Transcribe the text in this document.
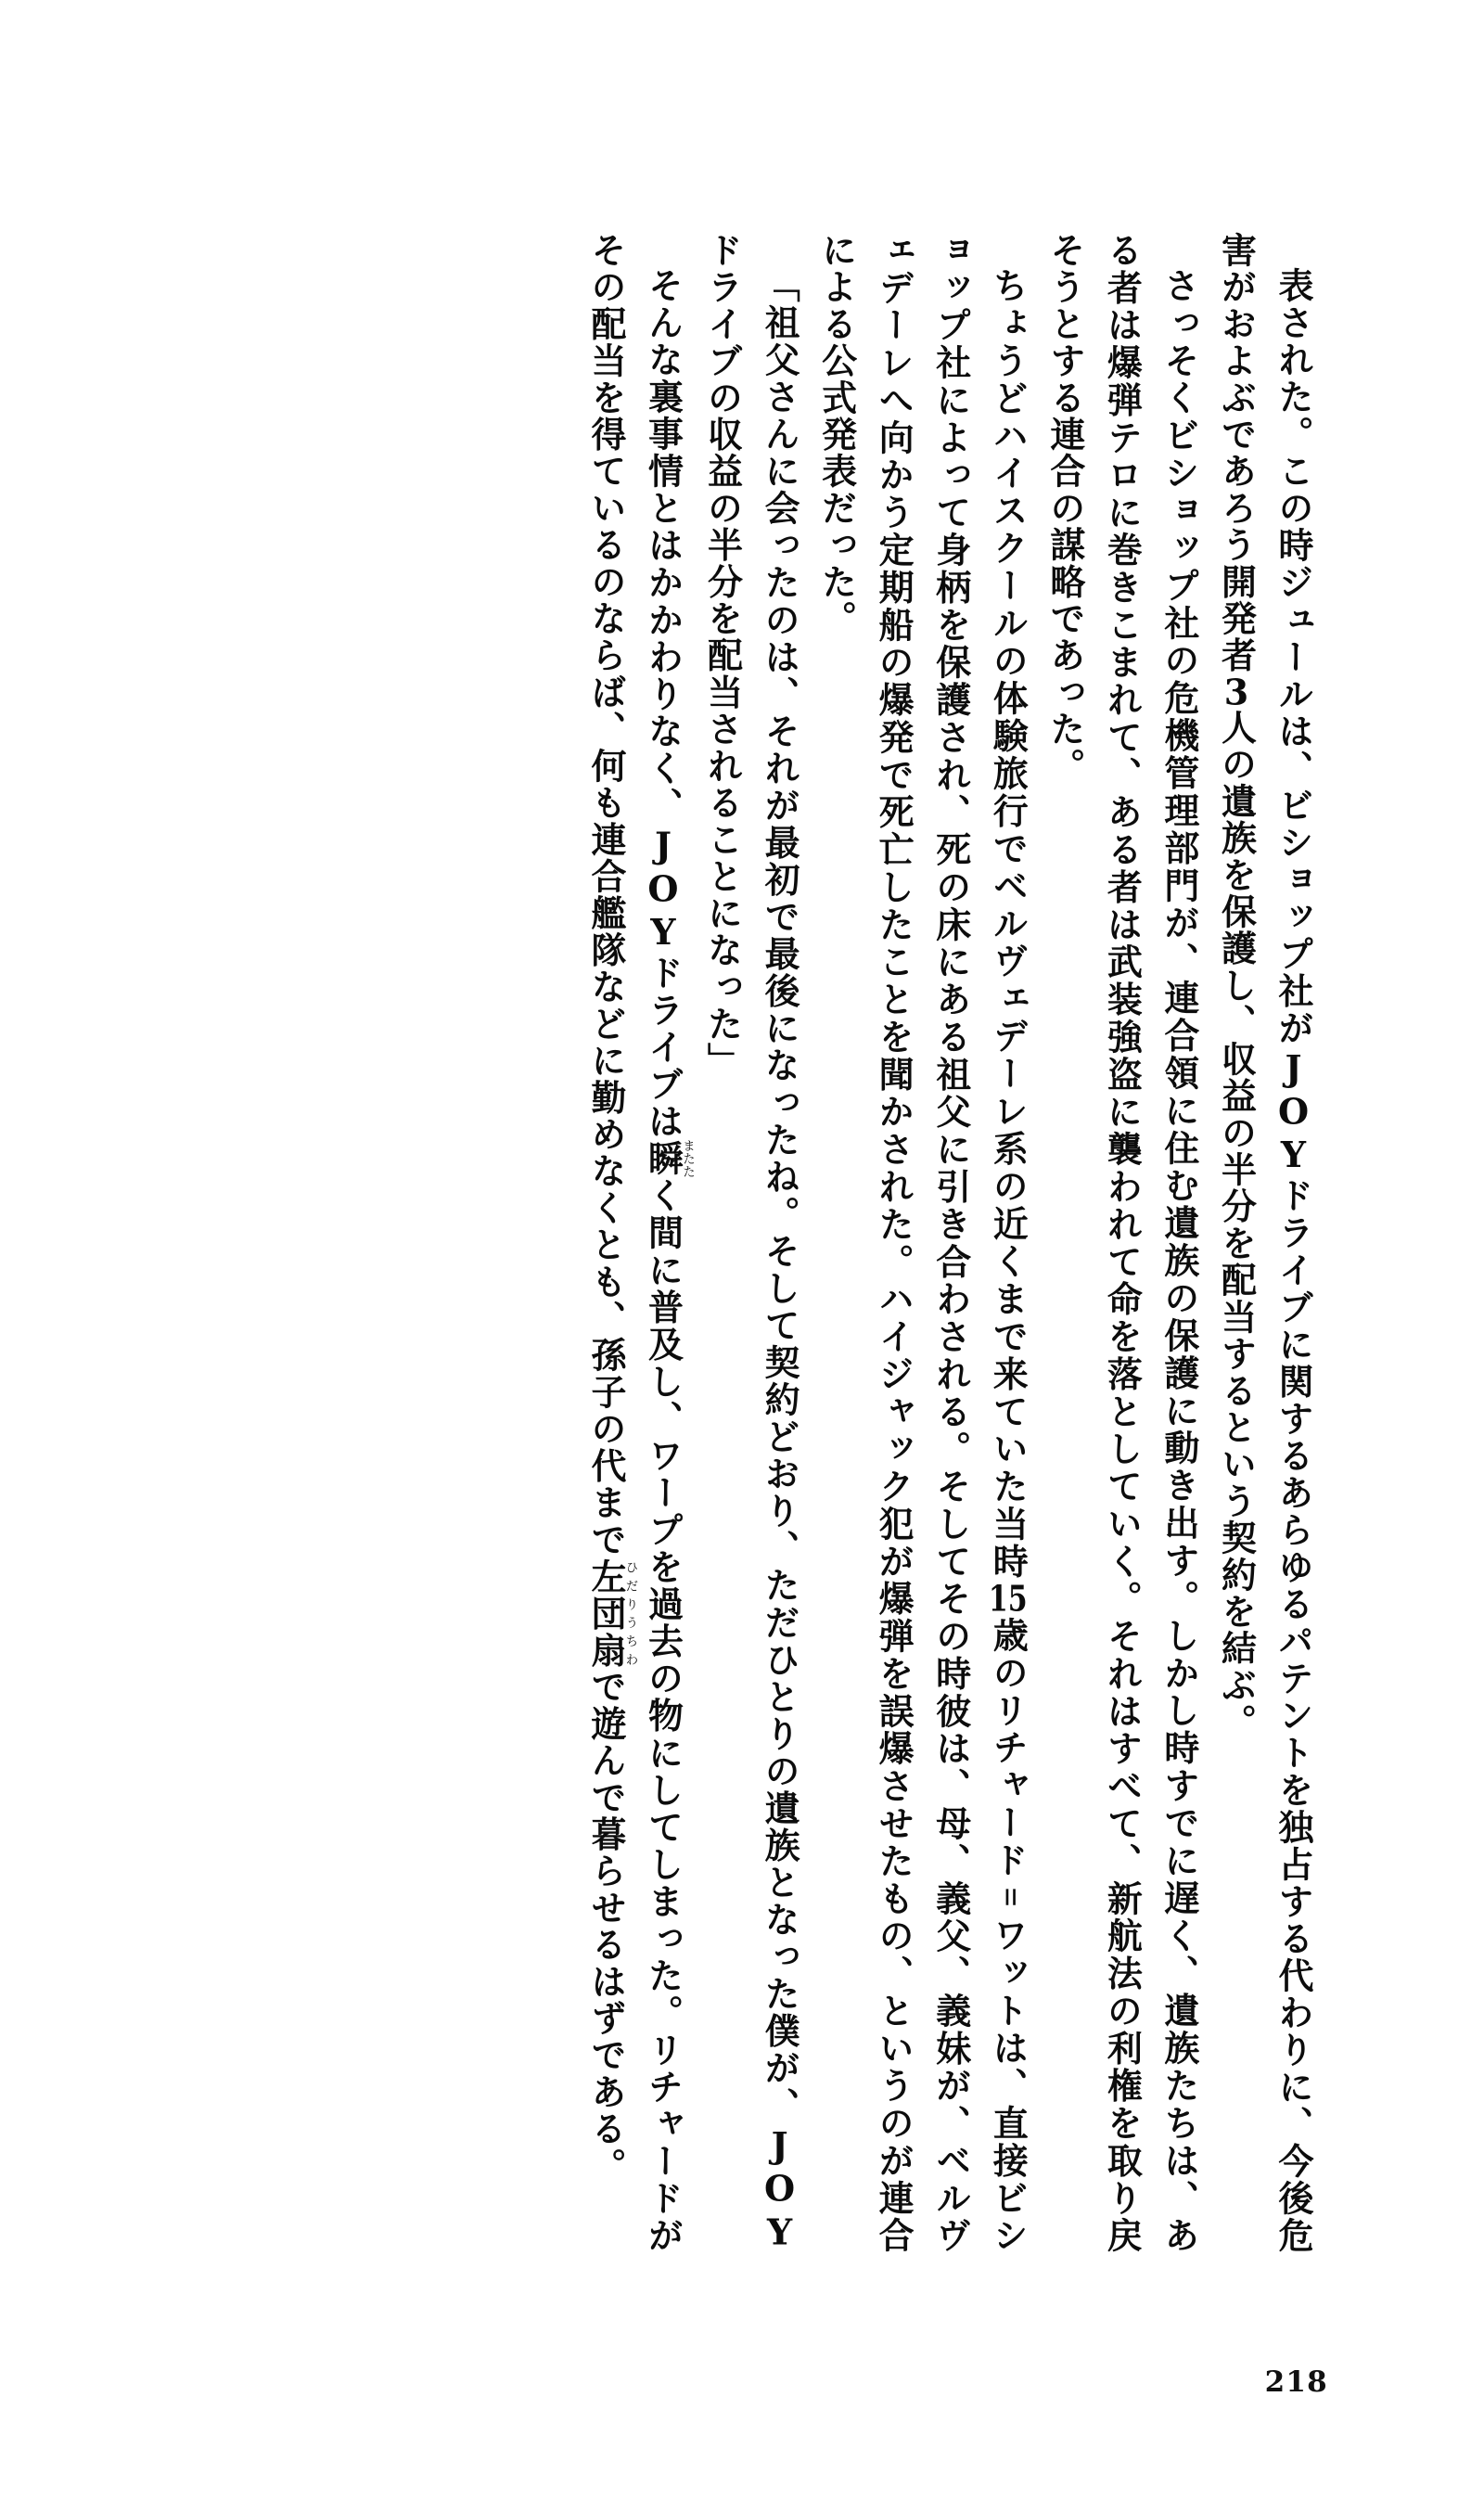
表された。この時ジュールは、ビショップ社がJOYドライブに関するあらゆるパテントを独占する代わりに、今後危害がおよぶであろう開発者3人の遺族を保護し、収益の半分を配当するという契約を結ぶ。

さっそくビショップ社の危機管理部門が、連合領に住む遺族の保護に動き出す。しかし時すでに遅く、遺族たちは、ある者は爆弾テロに巻きこまれて、ある者は武装強盗に襲われて命を落としていく。それはすべて、新航法の利権を取り戻そうとする連合の謀略であった。

ちょうどハイスクールの体験旅行でベルヴェデーレ系の近くまで来ていた当時15歳のリチャード゠ワットは、直接ビショップ社によって身柄を保護され、死の床にある祖父に引き合わされる。そしてその時彼は、母、義父、義妹が、ベルヴェデーレへ向かう定期船の爆発で死亡したことを聞かされた。ハイジャック犯が爆弾を誤爆させたもの、というのが連合による公式発表だった。

「祖父さんに会ったのは、それが最初で最後になったね。そして契約どおり、ただひとりの遺族となった僕が、JOYドライブの収益の半分を配当されることになった」

そんな裏事情とはかかわりなく、JOYドライブは瞬またたく間に普及し、ワープを過去の物にしてしまった。リチャードがその配当を得ているのならば、何も連合艦隊などに勤めなくとも、孫子の代まで左団扇ひだりうちわで遊んで暮らせるはずである。

218
